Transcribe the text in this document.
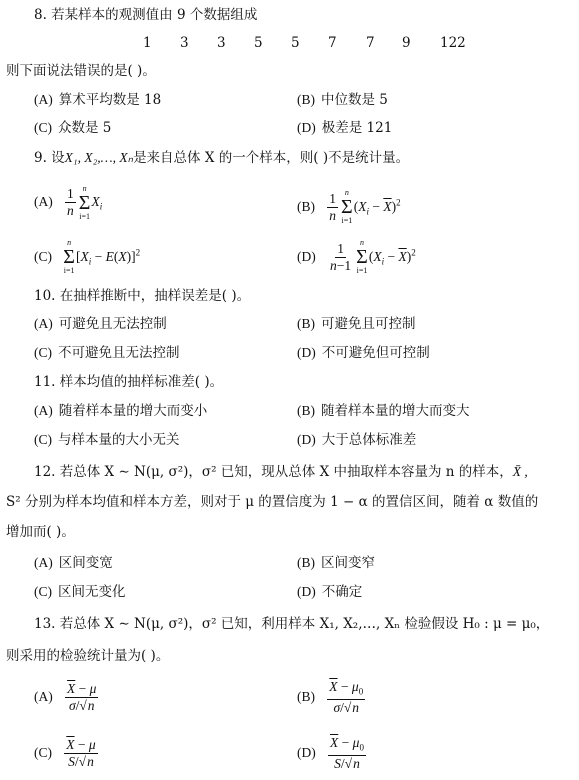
8. 若某样本的观测值由 9 个数据组成
1 3 3 5 5 7 7 9 122
则下面说法错误的是( )。
(A) 算术平均数是 18	(B) 中位数是 5
(C) 众数是 5	(D) 极差是 121
9. 设X₁, X₂,…, Xₙ是来自总体 X 的一个样本，则( )不是统计量。
$(A) \frac{1}{n}$ n
Σ
i=1
$X_i$	$(B) \frac{1}{n}$ n
Σ
i=1
$(X_i - \overline{X})^2$
(C)
n
Σ
i=1
$[X_i - E(X)]^2$	$(D) \frac{1}{n-1}$ n
Σ
i=1
$(X_i - \overline{X})^2$
10. 在抽样推断中，抽样误差是( )。
(A) 可避免且无法控制	(B) 可避免且可控制
(C) 不可避免且无法控制	(D) 不可避免但可控制
11. 样本均值的抽样标准差( )。
(A) 随着样本量的增大而变小	(B) 随着样本量的增大而变大
(C) 与样本量的大小无关	(D) 大于总体标准差
12. 若总体 X ∼ N(μ, σ²)，σ² 已知，现从总体 X 中抽取样本容量为 n 的样本，X̄ ,
S² 分别为样本均值和样本方差，则对于 μ 的置信度为 1 − α 的置信区间，随着 α 数值的
增加而( )。
(A) 区间变宽	(B) 区间变窄
(C) 区间无变化	(D) 不确定
13. 若总体 X ∼ N(μ, σ²)，σ² 已知，利用样本 X₁, X₂,…, Xₙ 检验假设 H₀ : μ = μ₀，
则采用的检验统计量为( )。
$(A) \frac{\overline{X} - \mu}{\sigma/√n}$	$(B) \frac{\overline{X} - \mu_0}{\sigma/√n}$
$(C) \frac{\overline{X} - \mu}{S/√n}$	$(D) \frac{\overline{X} - \mu_0}{S/√n}$
